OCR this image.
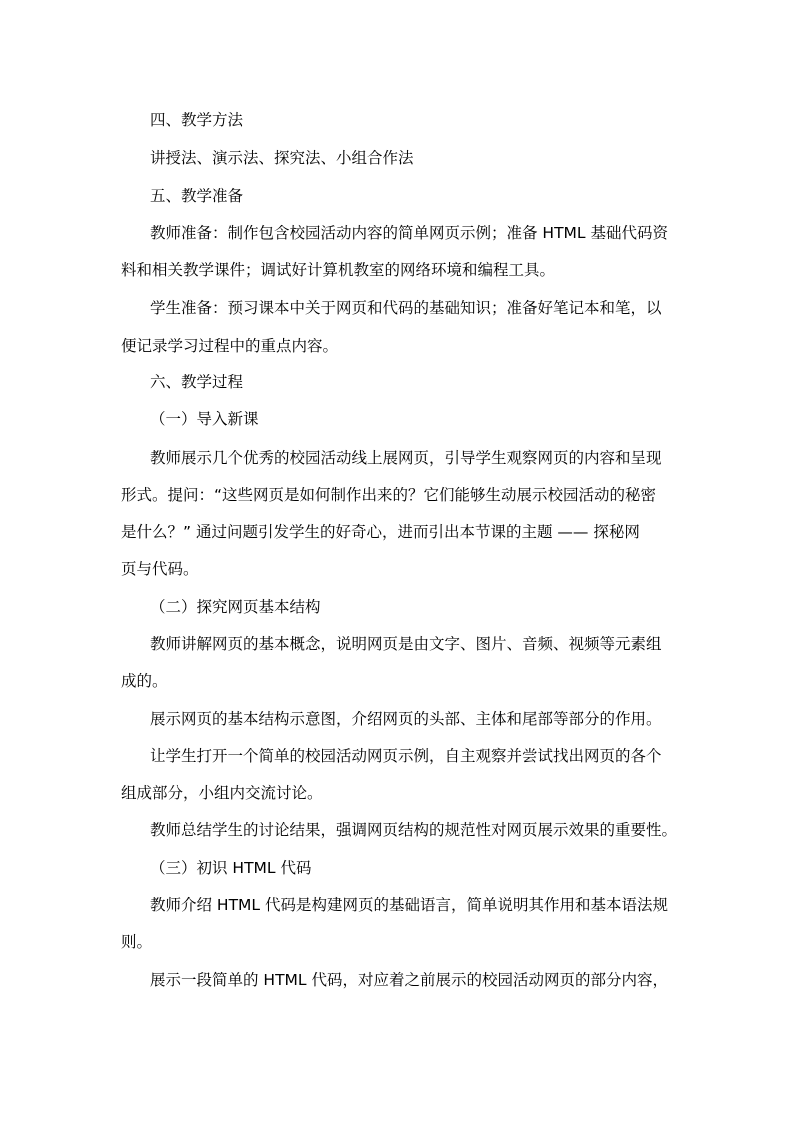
四、教学方法
讲授法、演示法、探究法、小组合作法
五、教学准备
教师准备：制作包含校园活动内容的简单网页示例；准备 HTML 基础代码资
料和相关教学课件；调试好计算机教室的网络环境和编程工具。
学生准备：预习课本中关于网页和代码的基础知识；准备好笔记本和笔，以
便记录学习过程中的重点内容。
六、教学过程
（一）导入新课
教师展示几个优秀的校园活动线上展网页，引导学生观察网页的内容和呈现
形式。提问：“这些网页是如何制作出来的？它们能够生动展示校园活动的秘密
是什么？” 通过问题引发学生的好奇心，进而引出本节课的主题 —— 探秘网
页与代码。
（二）探究网页基本结构
教师讲解网页的基本概念，说明网页是由文字、图片、音频、视频等元素组
成的。
展示网页的基本结构示意图，介绍网页的头部、主体和尾部等部分的作用。
让学生打开一个简单的校园活动网页示例，自主观察并尝试找出网页的各个
组成部分，小组内交流讨论。
教师总结学生的讨论结果，强调网页结构的规范性对网页展示效果的重要性。
（三）初识 HTML 代码
教师介绍 HTML 代码是构建网页的基础语言，简单说明其作用和基本语法规
则。
展示一段简单的 HTML 代码，对应着之前展示的校园活动网页的部分内容，
